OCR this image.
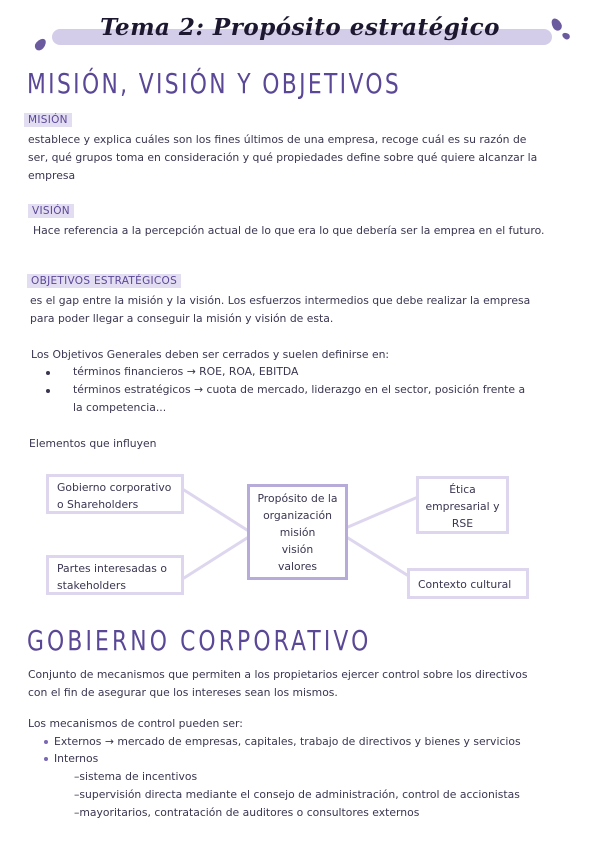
Tema 2: Propósito estratégico
MISIÓN, VISIÓN Y OBJETIVOS
MISIÓN
establece y explica cuáles son los fines últimos de una empresa, recoge cuál es su razón de
ser, qué grupos toma en consideración y qué propiedades define sobre qué quiere alcanzar la
empresa
VISIÓN
Hace referencia a la percepción actual de lo que era lo que debería ser la emprea en el futuro.
OBJETIVOS ESTRATÉGICOS
es el gap entre la misión y la visión. Los esfuerzos intermedios que debe realizar la empresa
para poder llegar a conseguir la misión y visión de esta.
Los Objetivos Generales deben ser cerrados y suelen definirse en:
términos financieros → ROE, ROA, EBITDA
términos estratégicos → cuota de mercado, liderazgo en el sector, posición frente a
la competencia...
Elementos que influyen
Gobierno corporativo
o Shareholders
Partes interesadas o
stakeholders
Propósito de la
organización
misión
visión
valores
Ética
empresarial y
RSE
Contexto cultural
GOBIERNO CORPORATIVO
Conjunto de mecanismos que permiten a los propietarios ejercer control sobre los directivos
con el fin de asegurar que los intereses sean los mismos.
Los mecanismos de control pueden ser:
Externos → mercado de empresas, capitales, trabajo de directivos y bienes y servicios
Internos
–sistema de incentivos
–supervisión directa mediante el consejo de administración, control de accionistas
–mayoritarios, contratación de auditores o consultores externos
